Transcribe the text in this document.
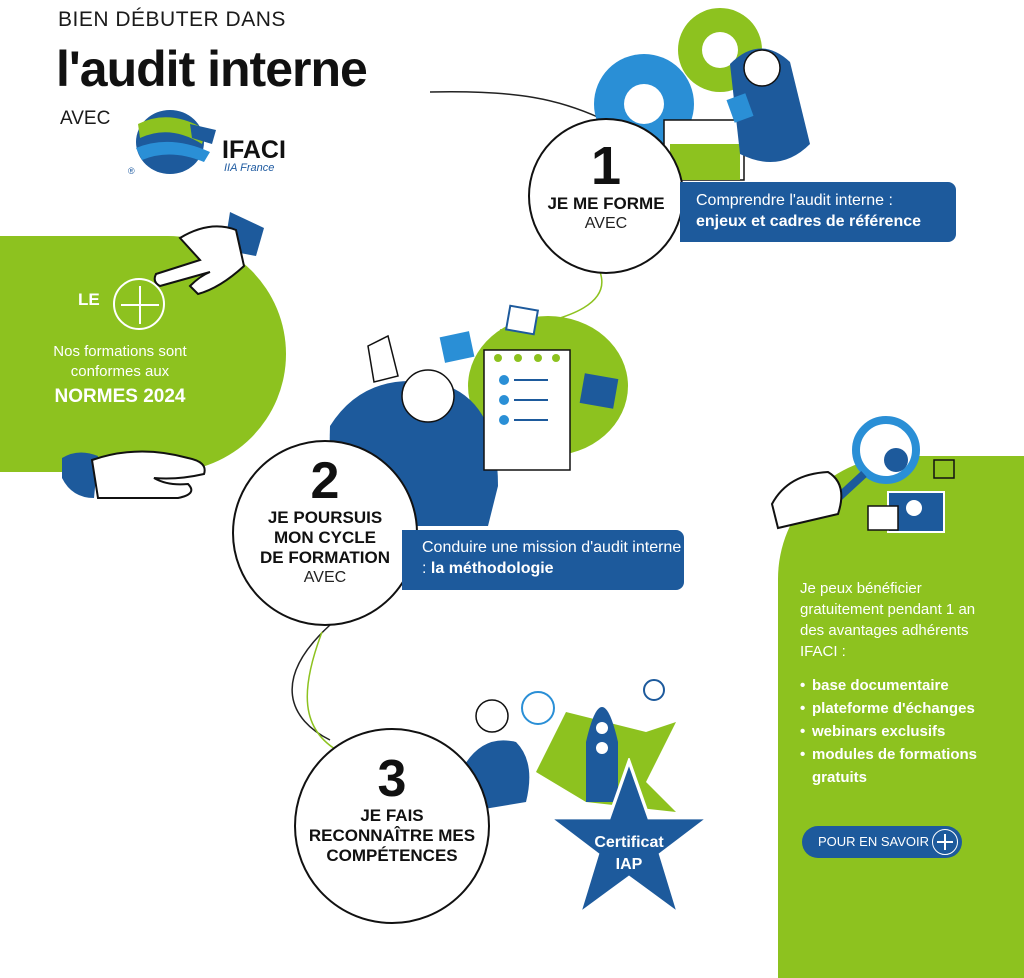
BIEN DÉBUTER DANS
l'audit interne
AVEC
®
IFACI
IIA France
LE
Nos formations sont conformes aux
NORMES 2024
1
JE ME FORME
AVEC
Comprendre l'audit interne :
enjeux et cadres de référence
2
JE POURSUIS
MON CYCLE
DE FORMATION
AVEC
Conduire une mission d'audit interne : la méthodologie
3
JE FAIS
RECONNAÎTRE MES
COMPÉTENCES
Certificat
IAP
Je peux bénéficier gratuitement pendant 1 an des avantages adhérents IFACI :
• base documentaire
• plateforme d'échanges
• webinars exclusifs
• modules de formations gratuits
POUR EN SAVOIR
